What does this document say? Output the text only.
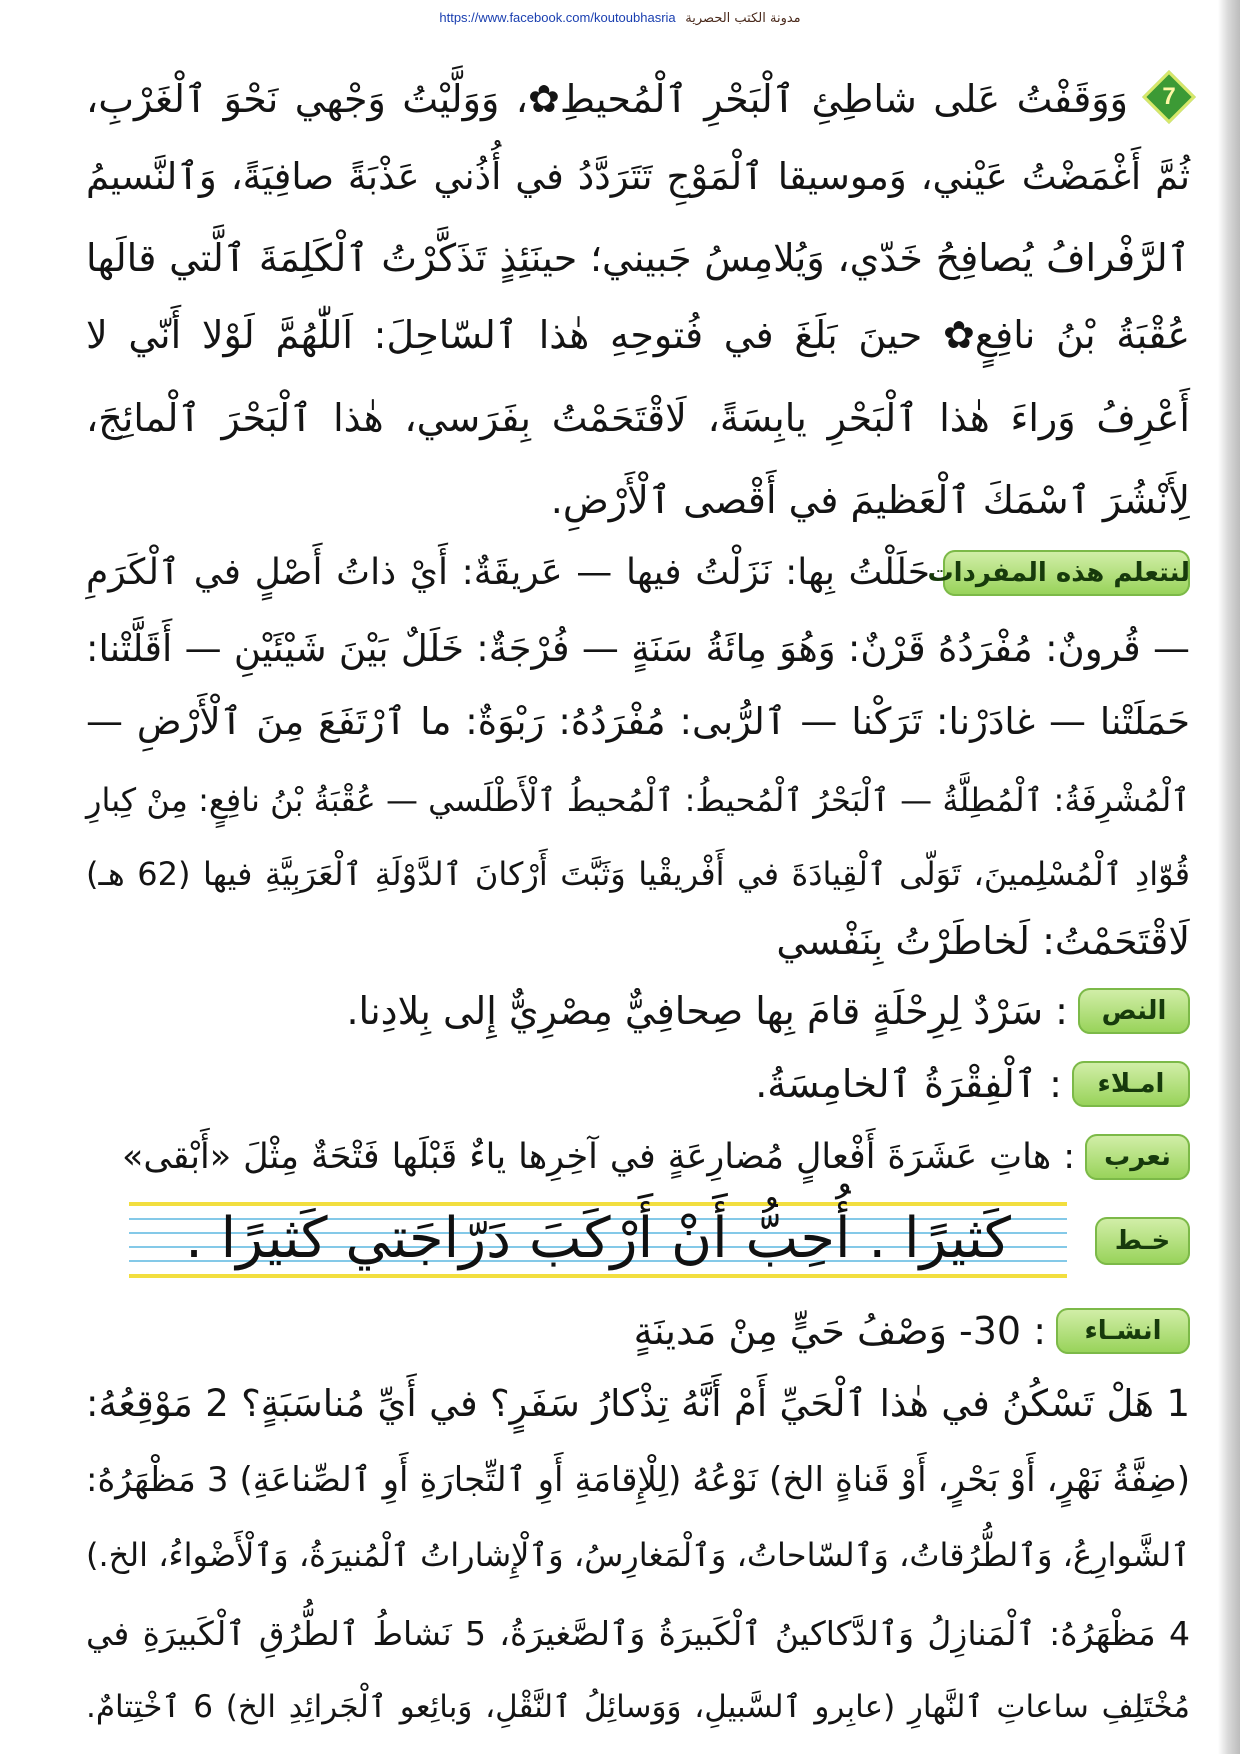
https://www.facebook.com/koutoubhasria مدونة الكتب الحصرية
7
وَوَقَفْتُ عَلى شاطِئِ ٱلْبَحْرِ ٱلْمُحيطِ✿، وَوَلَّيْتُ وَجْهي نَحْوَ ٱلْغَرْبِ،
ثُمَّ أَغْمَضْتُ عَيْني، وَموسيقا ٱلْمَوْجِ تَتَرَدَّدُ في أُذُني عَذْبَةً صافِيَةً، وَٱلنَّسيمُ
ٱلرَّفْرافُ يُصافِحُ خَدّي، وَيُلامِسُ جَبيني؛ حينَئِذٍ تَذَكَّرْتُ ٱلْكَلِمَةَ ٱلَّتي قالَها
عُقْبَةُ بْنُ نافِعٍ✿ حينَ بَلَغَ في فُتوحِهِ هٰذا ٱلسّاحِلَ: اَللّٰهُمَّ لَوْلا أَنّي لا
أَعْرِفُ وَراءَ هٰذا ٱلْبَحْرِ يابِسَةً، لَاقْتَحَمْتُ بِفَرَسي، هٰذا ٱلْبَحْرَ ٱلْمائِجَ،
لِأَنْشُرَ ٱسْمَكَ ٱلْعَظيمَ في أَقْصى ٱلْأَرْضِ.
لنتعلم هذه المفردات
حَلَلْتُ بِها: نَزَلْتُ فيها — عَريقَةٌ: أَيْ ذاتُ أَصْلٍ في ٱلْكَرَمِ
— قُرونٌ: مُفْرَدُهُ قَرْنٌ: وَهُوَ مِائَةُ سَنَةٍ — فُرْجَةٌ: خَلَلٌ بَيْنَ شَيْئَيْنِ — أَقَلَّتْنا:
حَمَلَتْنا — غادَرْنا: تَرَكْنا — ٱلرُّبى: مُفْرَدُهُ: رَبْوَةٌ: ما ٱرْتَفَعَ مِنَ ٱلْأَرْضِ —
ٱلْمُشْرِفَةُ: ٱلْمُطِلَّةُ — ٱلْبَحْرُ ٱلْمُحيطُ: ٱلْمُحيطُ ٱلْأَطْلَسي — عُقْبَةُ بْنُ نافِعٍ: مِنْ كِبارِ
قُوّادِ ٱلْمُسْلِمينَ، تَوَلّى ٱلْقِيادَةَ في أَفْريقْيا وَثَبَّتَ أَرْكانَ ٱلدَّوْلَةِ ٱلْعَرَبِيَّةِ فيها (62 هـ)
لَاقْتَحَمْتُ: لَخاطَرْتُ بِنَفْسي
النص
: سَرْدٌ لِرِحْلَةٍ قامَ بِها صِحافِيٌّ مِصْرِيٌّ إِلى بِلادِنا.
امـلاء
: ٱلْفِقْرَةُ ٱلخامِسَةُ.
نعرب
: هاتِ عَشَرَةَ أَفْعالٍ مُضارِعَةٍ في آخِرِها ياءٌ قَبْلَها فَتْحَةٌ مِثْلَ «أَبْقى»
كَثيرًا . أُحِبُّ أَنْ أَرْكَبَ دَرّاجَتي كَثيرًا .	خـط
انشـاء
: 30- وَصْفُ حَيٍّ مِنْ مَدينَةٍ
1 هَلْ تَسْكُنُ في هٰذا ٱلْحَيِّ أَمْ أَنَّهُ تِذْكارُ سَفَرٍ؟ في أَيِّ مُناسَبَةٍ؟ 2 مَوْقِعُهُ:
(ضِفَّةُ نَهْرٍ، أَوْ بَحْرٍ، أَوْ قَناةٍ الخ) نَوْعُهُ (لِلْإِقامَةِ أَوِ ٱلتِّجارَةِ أَوِ ٱلصِّناعَةِ) 3 مَظْهَرُهُ:
ٱلشَّوارِعُ، وَٱلطُّرُقاتُ، وَٱلسّاحاتُ، وَٱلْمَغارِسُ، وَٱلْإِشاراتُ ٱلْمُنيرَةُ، وَٱلْأَضْواءُ، الخ.)
4 مَظْهَرُهُ: ٱلْمَنازِلُ وَٱلدَّكاكينُ ٱلْكَبيرَةُ وَٱلصَّغيرَةُ، 5 نَشاطُ ٱلطُّرُقِ ٱلْكَبيرَةِ في
مُخْتَلِفِ ساعاتِ ٱلنَّهارِ (عابِرو ٱلسَّبيلِ، وَوَسائِلُ ٱلنَّقْلِ، وَبائِعو ٱلْجَرائِدِ الخ) 6 ٱخْتِتامٌ.
